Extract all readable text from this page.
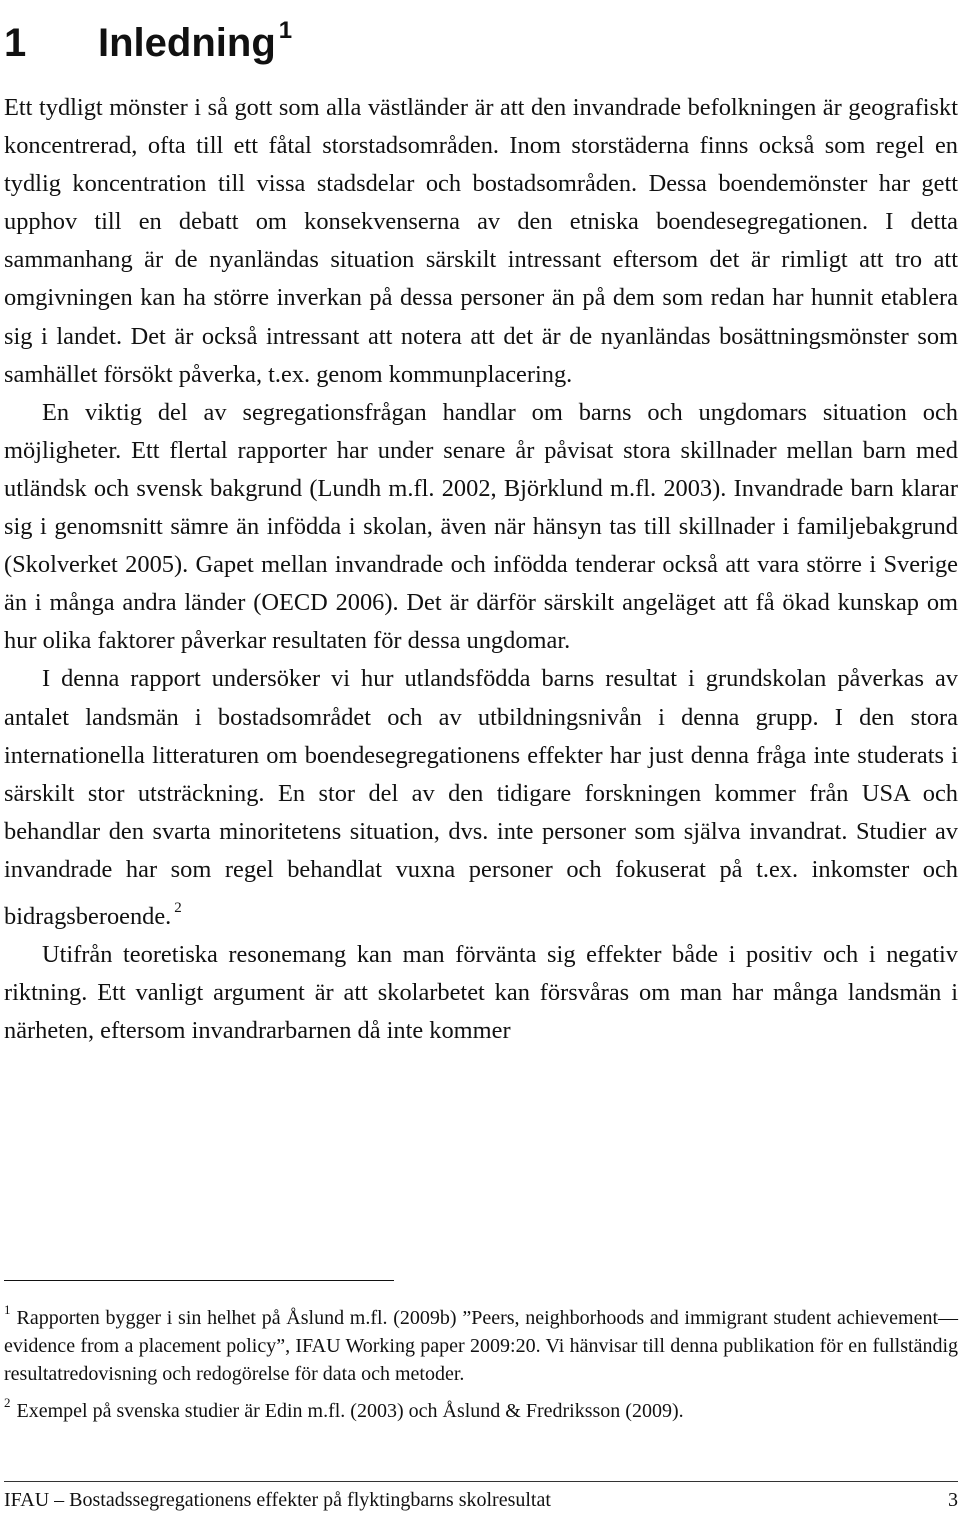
1 Inledning $^1$

Ett tydligt mönster i så gott som alla västländer är att den invandrade befolkningen är geografiskt koncentrerad, ofta till ett fåtal storstadsområden. Inom storstäderna finns också som regel en tydlig koncentration till vissa stadsdelar och bostadsområden. Dessa boendemönster har gett upphov till en debatt om konsekvenserna av den etniska boendesegregationen. I detta sammanhang är de nyanländas situation särskilt intressant eftersom det är rimligt att tro att omgivningen kan ha större inverkan på dessa personer än på dem som redan har hunnit etablera sig i landet. Det är också intressant att notera att det är de nyanländas bosättningsmönster som samhället försökt påverka, t.ex. genom kommunplacering.

En viktig del av segregationsfrågan handlar om barns och ungdomars situation och möjligheter. Ett flertal rapporter har under senare år påvisat stora skillnader mellan barn med utländsk och svensk bakgrund (Lundh m.fl. 2002, Björklund m.fl. 2003). Invandrade barn klarar sig i genomsnitt sämre än infödda i skolan, även när hänsyn tas till skillnader i familjebakgrund (Skolverket 2005). Gapet mellan invandrade och infödda tenderar också att vara större i Sverige än i många andra länder (OECD 2006). Det är därför särskilt angeläget att få ökad kunskap om hur olika faktorer påverkar resultaten för dessa ungdomar.

I denna rapport undersöker vi hur utlandsfödda barns resultat i grundskolan påverkas av antalet landsmän i bostadsområdet och av utbildningsnivån i denna grupp. I den stora internationella litteraturen om boendesegregationens effekter har just denna fråga inte studerats i särskilt stor utsträckning. En stor del av den tidigare forskningen kommer från USA och behandlar den svarta minoritetens situation, dvs. inte personer som själva invandrat. Studier av invandrade har som regel behandlat vuxna personer och fokuserat på t.ex. inkomster och bidragsberoende. $^2$

Utifrån teoretiska resonemang kan man förvänta sig effekter både i positiv och i negativ riktning. Ett vanligt argument är att skolarbetet kan försvåras om man har många landsmän i närheten, eftersom invandrarbarnen då inte kommer

$^1$ Rapporten bygger i sin helhet på Åslund m.fl. (2009b) ”Peers, neighborhoods and immigrant student achievement—evidence from a placement policy”, IFAU Working paper 2009:20. Vi hänvisar till denna publikation för en fullständig resultatredovisning och redogörelse för data och metoder.

$^2$ Exempel på svenska studier är Edin m.fl. (2003) och Åslund & Fredriksson (2009).

IFAU – Bostadssegregationens effekter på flyktingbarns skolresultat	3
